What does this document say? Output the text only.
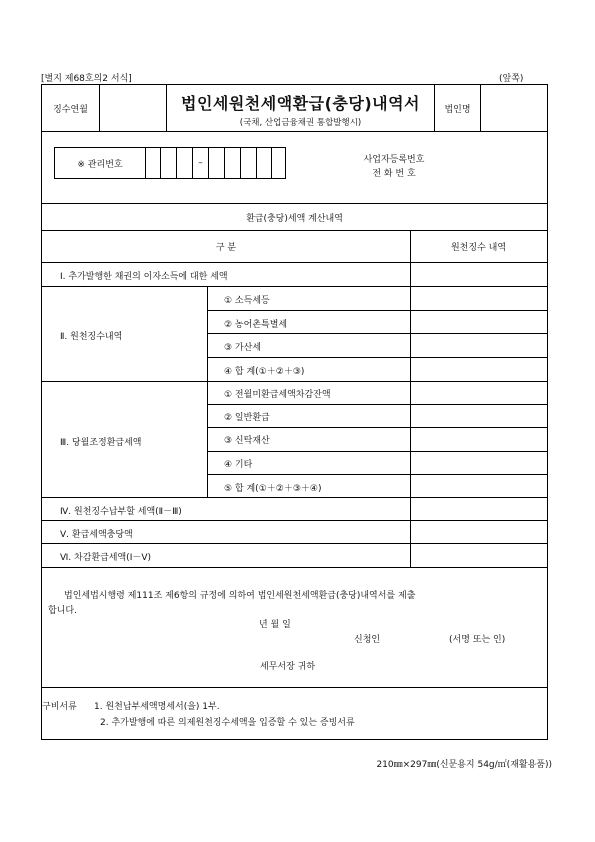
[별지 제68호의2 서식]	(앞쪽)
징수연월	법인세원천세액환급(충당)내역서
(국채, 산업금융채권 통합발행시)
법인명
※ 관리번호	–	사업자등록번호
전 화 번 호
환급(충당)세액 계산내역
구 분	원천징수 내역
Ⅰ. 추가발행한 채권의 이자소득에 대한 세액
Ⅱ. 원천징수내역
① 소득세등
② 농어촌특별세
③ 가산세
④ 합 계(①＋②＋③)
Ⅲ. 당월조정환급세액
① 전월미환급세액차감잔액
② 일반환급
③ 신탁재산
④ 기타
⑤ 합 계(①＋②＋③＋④)
Ⅳ. 원천징수납부할 세액(Ⅱ－Ⅲ)
Ⅴ. 환급세액충당액
Ⅵ. 차감환급세액(Ⅰ－Ⅴ)
법인세법시행령 제111조 제6항의 규정에 의하여 법인세원천세액환급(충당)내역서를 제출
합니다.
년 월 일
신청인	(서명 또는 인)
세무서장 귀하
구비서류 1. 원천납부세액명세서(을) 1부.
2. 추가발행에 따른 의제원천징수세액을 입증할 수 있는 증빙서류
210㎜×297㎜(신문용지 54g/㎡(재활용품))
